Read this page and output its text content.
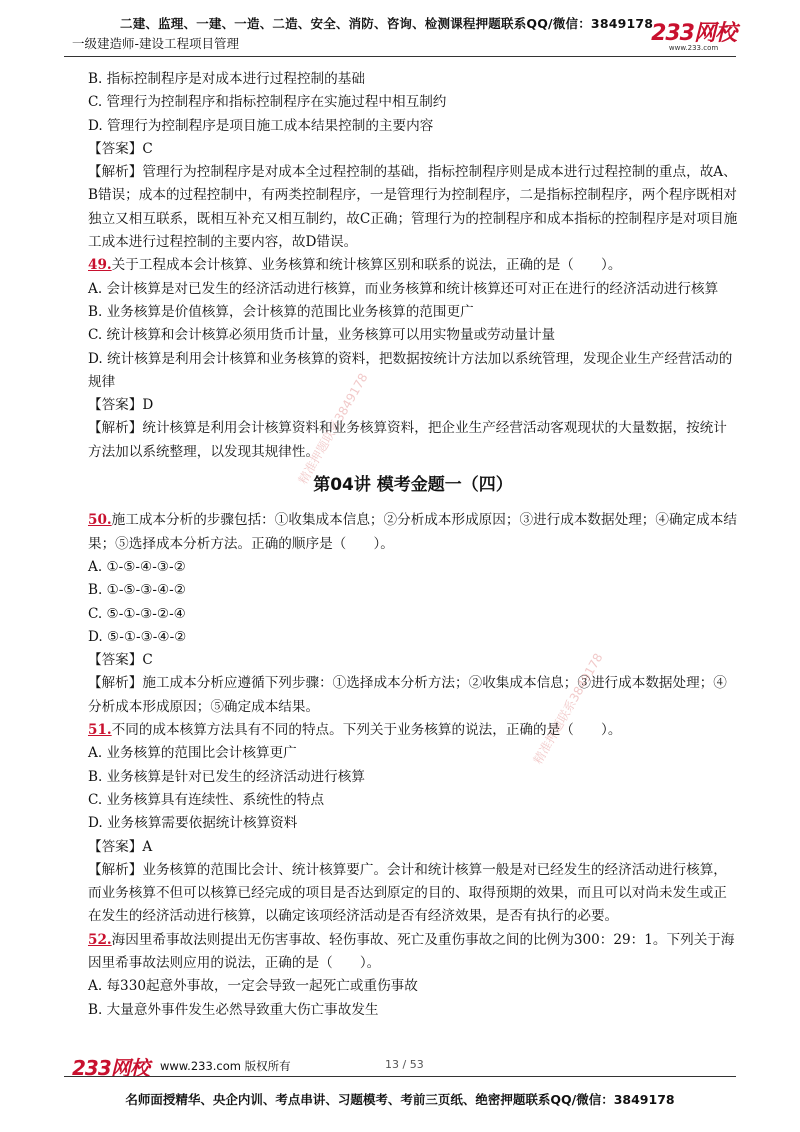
二建、监理、一建、一造、二造、安全、消防、咨询、检测课程押题联系QQ/微信：3849178
一级建造师-建设工程项目管理	233网校
www.233.com
精准押题联系3849178
精准押题联系3849178

B. 指标控制程序是对成本进行过程控制的基础

C. 管理行为控制程序和指标控制程序在实施过程中相互制约

D. 管理行为控制程序是项目施工成本结果控制的主要内容

【答案】C

【解析】管理行为控制程序是对成本全过程控制的基础，指标控制程序则是成本进行过程控制的重点，故A、B错误；成本的过程控制中，有两类控制程序，一是管理行为控制程序，二是指标控制程序，两个程序既相对独立又相互联系，既相互补充又相互制约，故C正确；管理行为的控制程序和成本指标的控制程序是对项目施工成本进行过程控制的主要内容，故D错误。

49.关于工程成本会计核算、业务核算和统计核算区别和联系的说法，正确的是（　　）。

A. 会计核算是对已发生的经济活动进行核算，而业务核算和统计核算还可对正在进行的经济活动进行核算

B. 业务核算是价值核算，会计核算的范围比业务核算的范围更广

C. 统计核算和会计核算必须用货币计量，业务核算可以用实物量或劳动量计量

D. 统计核算是利用会计核算和业务核算的资料，把数据按统计方法加以系统管理，发现企业生产经营活动的规律

【答案】D

【解析】统计核算是利用会计核算资料和业务核算资料，把企业生产经营活动客观现状的大量数据，按统计方法加以系统整理，以发现其规律性。

第04讲 模考金题一（四）

50.施工成本分析的步骤包括：①收集成本信息；②分析成本形成原因；③进行成本数据处理；④确定成本结果；⑤选择成本分析方法。正确的顺序是（　　）。

A. ①-⑤-④-③-②

B. ①-⑤-③-④-②

C. ⑤-①-③-②-④

D. ⑤-①-③-④-②

【答案】C

【解析】施工成本分析应遵循下列步骤：①选择成本分析方法；②收集成本信息；③进行成本数据处理；④分析成本形成原因；⑤确定成本结果。

51.不同的成本核算方法具有不同的特点。下列关于业务核算的说法，正确的是（　　）。

A. 业务核算的范围比会计核算更广

B. 业务核算是针对已发生的经济活动进行核算

C. 业务核算具有连续性、系统性的特点

D. 业务核算需要依据统计核算资料

【答案】A

【解析】业务核算的范围比会计、统计核算要广。会计和统计核算一般是对已经发生的经济活动进行核算，而业务核算不但可以核算已经完成的项目是否达到原定的目的、取得预期的效果，而且可以对尚未发生或正在发生的经济活动进行核算，以确定该项经济活动是否有经济效果，是否有执行的必要。

52.海因里希事故法则提出无伤害事故、轻伤事故、死亡及重伤事故之间的比例为300：29：1。下列关于海因里希事故法则应用的说法，正确的是（　　）。

A. 每330起意外事故，一定会导致一起死亡或重伤事故

B. 大量意外事件发生必然导致重大伤亡事故发生

233网校 www.233.com 版权所有	13 / 53
名师面授精华、央企内训、考点串讲、习题模考、考前三页纸、绝密押题联系QQ/微信：3849178
